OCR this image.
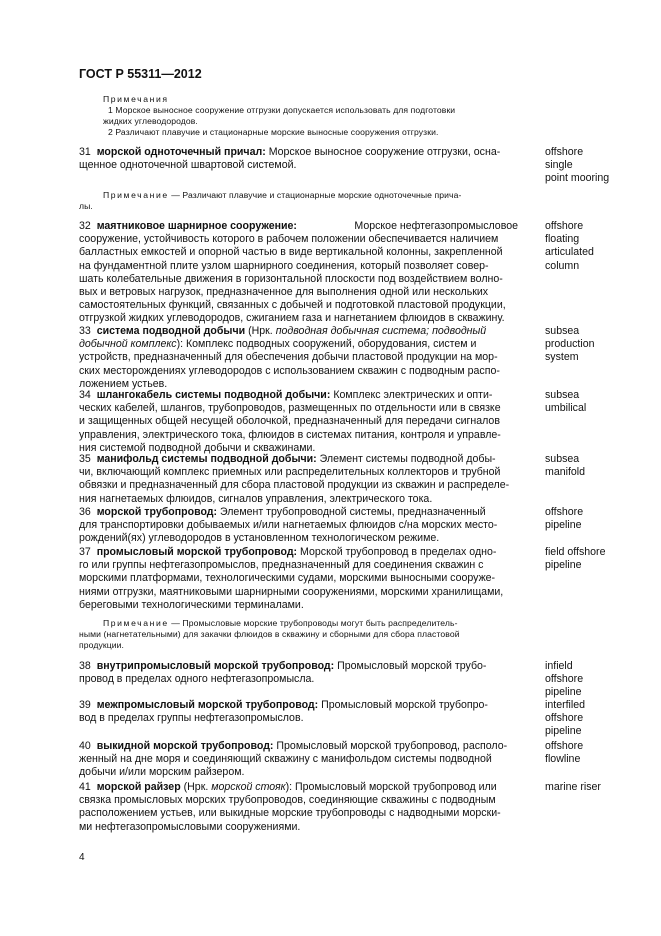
ГОСТ Р 55311—2012
Примечания
1 Морское выносное сооружение отгрузки допускается использовать для подготовки
жидких углеводородов.
2 Различают плавучие и стационарные морские выносные сооружения отгрузки.
31 морской одноточечный причал: Морское выносное сооружение отгрузки, осна-
щенное одноточечной швартовой системой.
offshore
single
point mooring
Примечание — Различают плавучие и стационарные морские одноточечные прича-
лы.
32 маятниковое шарнирное сооружение:	Морское нефтегазопромысловое
сооружение, устойчивость которого в рабочем положении обеспечивается наличием
балластных емкостей и опорной частью в виде вертикальной колонны, закрепленной
на фундаментной плите узлом шарнирного соединения, который позволяет совер-
шать колебательные движения в горизонтальной плоскости под воздействием волно-
вых и ветровых нагрузок, предназначенное для выполнения одной или нескольких
самостоятельных функций, связанных с добычей и подготовкой пластовой продукции,
отгрузкой жидких углеводородов, сжиганием газа и нагнетанием флюидов в скважину.
offshore
floating
articulated
column
33 система подводной добычи (Нрк. подводная добычная система; подводный
добычной комплекс): Комплекс подводных сооружений, оборудования, систем и
устройств, предназначенный для обеспечения добычи пластовой продукции на мор-
ских месторождениях углеводородов с использованием скважин с подводным распо-
ложением устьев.
subsea
production
system
34 шлангокабель системы подводной добычи: Комплекс электрических и опти-
ческих кабелей, шлангов, трубопроводов, размещенных по отдельности или в связке
и защищенных общей несущей оболочкой, предназначенный для передачи сигналов
управления, электрического тока, флюидов в системах питания, контроля и управле-
ния системой подводной добычи и скважинами.
subsea
umbilical
35 манифольд системы подводной добычи: Элемент системы подводной добы-
чи, включающий комплекс приемных или распределительных коллекторов и трубной
обвязки и предназначенный для сбора пластовой продукции из скважин и распределе-
ния нагнетаемых флюидов, сигналов управления, электрического тока.
subsea
manifold
36 морской трубопровод: Элемент трубопроводной системы, предназначенный
для транспортировки добываемых и/или нагнетаемых флюидов с/на морских место-
рождений(ях) углеводородов в установленном технологическом режиме.
offshore
pipeline
37 промысловый морской трубопровод: Морской трубопровод в пределах одно-
го или группы нефтегазопромыслов, предназначенный для соединения скважин с
морскими платформами, технологическими судами, морскими выносными сооруже-
ниями отгрузки, маятниковыми шарнирными сооружениями, морскими хранилищами,
береговыми технологическими терминалами.
field offshore
pipeline
Примечание — Промысловые морские трубопроводы могут быть распределитель-
ными (нагнетательными) для закачки флюидов в скважину и сборными для сбора пластовой
продукции.
38 внутрипромысловый морской трубопровод: Промысловый морской трубо-
провод в пределах одного нефтегазопромысла.
infield
offshore
pipeline
39 межпромысловый морской трубопровод: Промысловый морской трубопро-
вод в пределах группы нефтегазопромыслов.
interfiled
offshore
pipeline
40 выкидной морской трубопровод: Промысловый морской трубопровод, располо-
женный на дне моря и соединяющий скважину с манифольдом системы подводной
добычи и/или морским райзером.
offshore
flowline
41 морской райзер (Нрк. морской стояк): Промысловый морской трубопровод или
связка промысловых морских трубопроводов, соединяющие скважины с подводным
расположением устьев, или выкидные морские трубопроводы с надводными морски-
ми нефтегазопромысловыми сооружениями.
marine riser
4
